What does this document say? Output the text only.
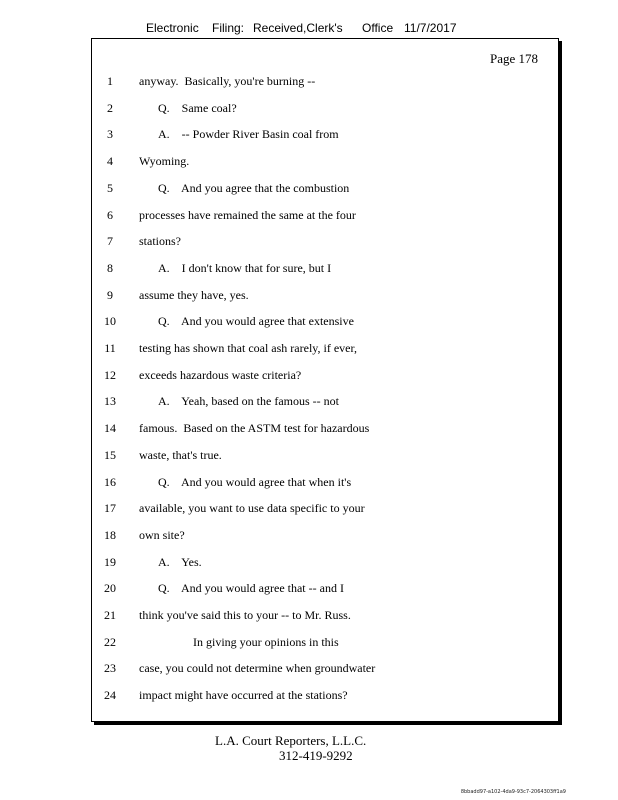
Electronic Filing: Received,Clerk's Office 11/7/2017
Page 178
1	anyway.  Basically, you're burning --
2	Q.    Same coal?
3	A.    -- Powder River Basin coal from
4	Wyoming.
5	Q.    And you agree that the combustion
6	processes have remained the same at the four
7	stations?
8	A.    I don't know that for sure, but I
9	assume they have, yes.
10	Q.    And you would agree that extensive
11	testing has shown that coal ash rarely, if ever,
12	exceeds hazardous waste criteria?
13	A.    Yeah, based on the famous -- not
14	famous.  Based on the ASTM test for hazardous
15	waste, that's true.
16	Q.    And you would agree that when it's
17	available, you want to use data specific to your
18	own site?
19	A.    Yes.
20	Q.    And you would agree that -- and I
21	think you've said this to your -- to Mr. Russ.
22	In giving your opinions in this
23	case, you could not determine when groundwater
24	impact might have occurred at the stations?
L.A. Court Reporters, L.L.C.
312-419-9292
8bbadd97-a102-4da9-93c7-2064303ff1a9
